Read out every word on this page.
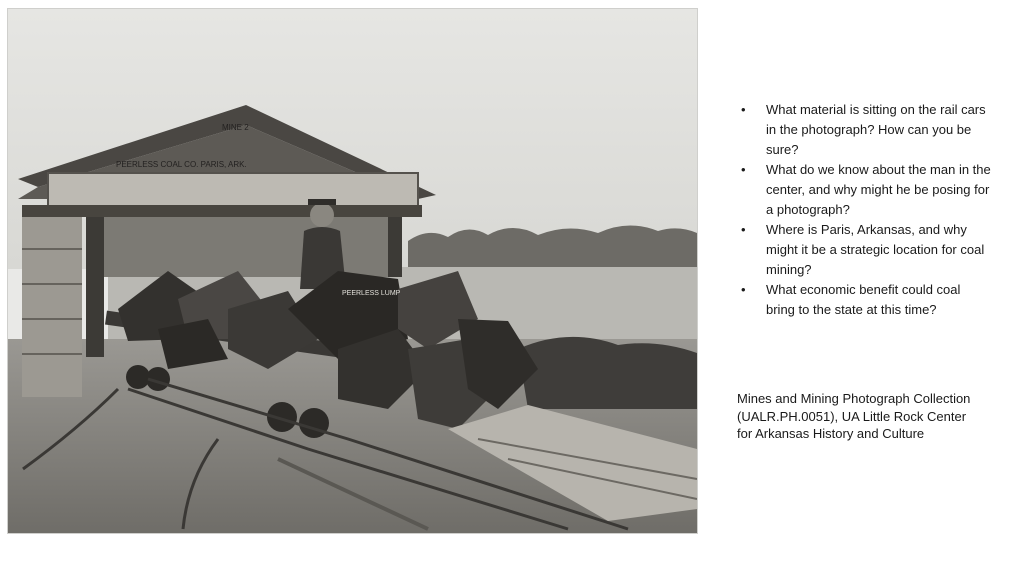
MINE 2
PEERLESS COAL CO. PARIS, ARK.
PEERLESS LUMP
• What material is sitting on the rail cars in the photograph? How can you be sure?
• What do we know about the man in the center, and why might he be posing for a photograph?
• Where is Paris, Arkansas, and why might it be a strategic location for coal mining?
• What economic benefit could coal bring to the state at this time?
Mines and Mining Photograph Collection (UALR.PH.0051), UA Little Rock Center for Arkansas History and Culture
